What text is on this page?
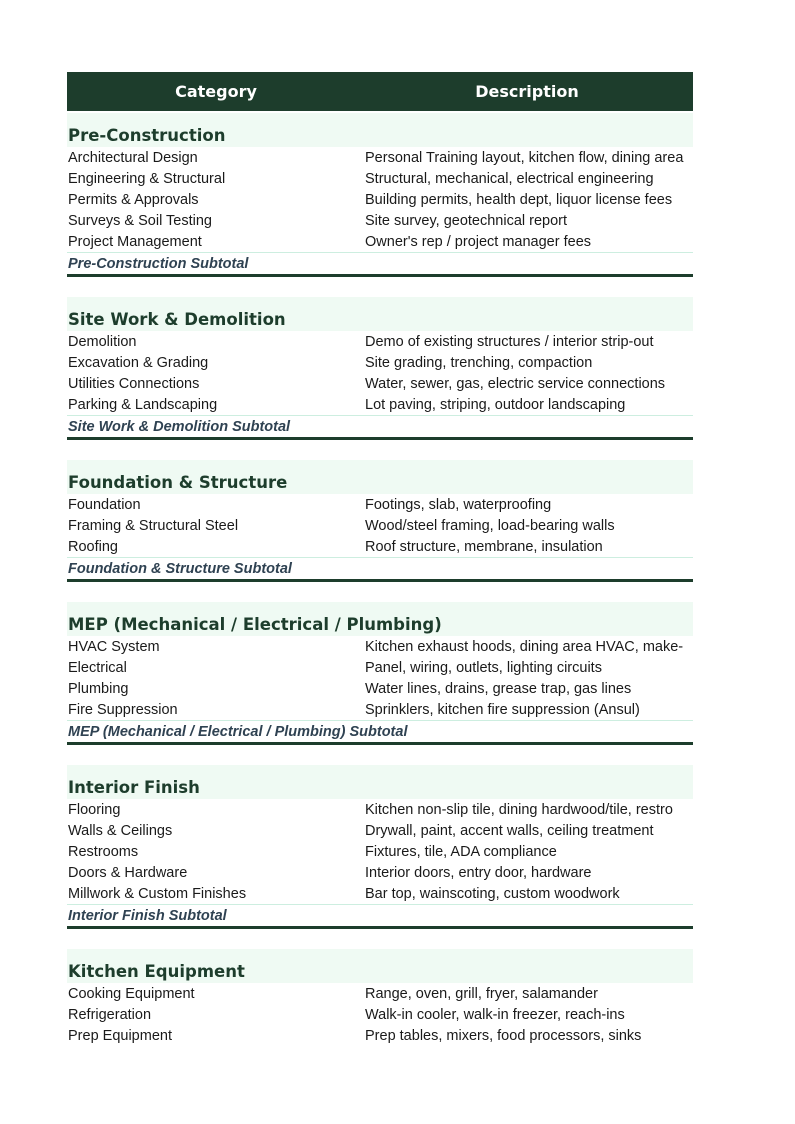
Category	Description
Pre-Construction
Architectural Design	Personal Training layout, kitchen flow, dining area
Engineering & Structural	Structural, mechanical, electrical engineering
Permits & Approvals	Building permits, health dept, liquor license fees
Surveys & Soil Testing	Site survey, geotechnical report
Project Management	Owner's rep / project manager fees
Pre-Construction Subtotal
Site Work & Demolition
Demolition	Demo of existing structures / interior strip-out
Excavation & Grading	Site grading, trenching, compaction
Utilities Connections	Water, sewer, gas, electric service connections
Parking & Landscaping	Lot paving, striping, outdoor landscaping
Site Work & Demolition Subtotal
Foundation & Structure
Foundation	Footings, slab, waterproofing
Framing & Structural Steel	Wood/steel framing, load-bearing walls
Roofing	Roof structure, membrane, insulation
Foundation & Structure Subtotal
MEP (Mechanical / Electrical / Plumbing)
HVAC System	Kitchen exhaust hoods, dining area HVAC, make-
Electrical	Panel, wiring, outlets, lighting circuits
Plumbing	Water lines, drains, grease trap, gas lines
Fire Suppression	Sprinklers, kitchen fire suppression (Ansul)
MEP (Mechanical / Electrical / Plumbing) Subtotal
Interior Finish
Flooring	Kitchen non-slip tile, dining hardwood/tile, restro
Walls & Ceilings	Drywall, paint, accent walls, ceiling treatment
Restrooms	Fixtures, tile, ADA compliance
Doors & Hardware	Interior doors, entry door, hardware
Millwork & Custom Finishes	Bar top, wainscoting, custom woodwork
Interior Finish Subtotal
Kitchen Equipment
Cooking Equipment	Range, oven, grill, fryer, salamander
Refrigeration	Walk-in cooler, walk-in freezer, reach-ins
Prep Equipment	Prep tables, mixers, food processors, sinks
